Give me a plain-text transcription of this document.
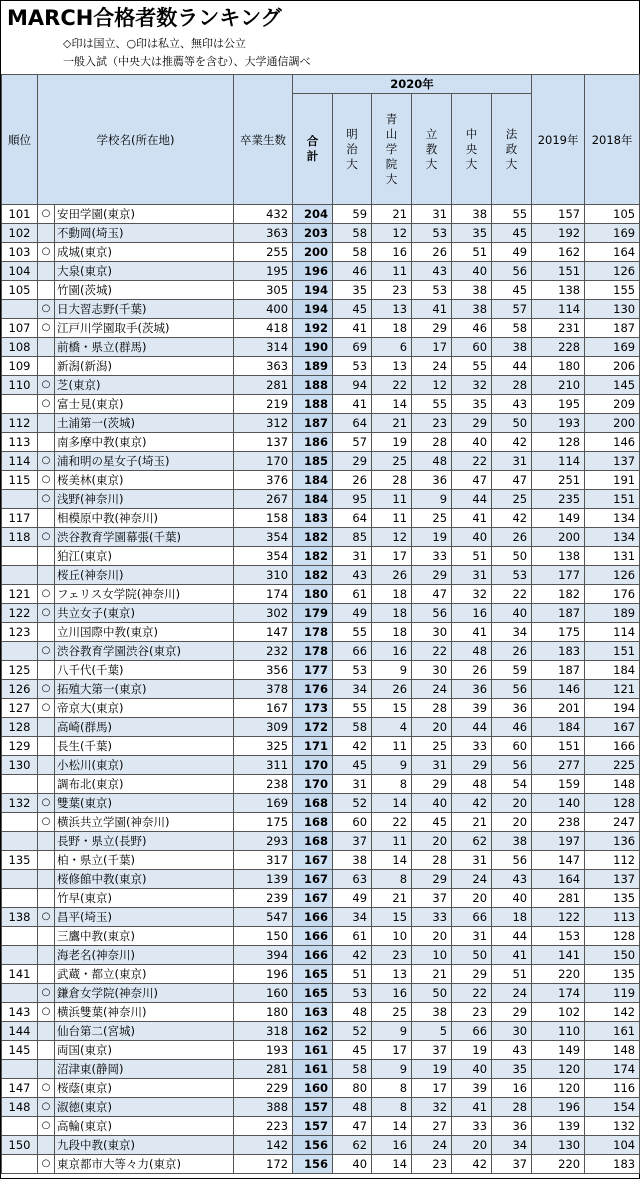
MARCH合格者数ランキング
◇印は国立、○印は私立、無印は公立
一般入試（中央大は推薦等を含む）、大学通信調べ
順位	学校名(所在地)		卒業生数	2020年						2019年	2018年

				合計	明治大	青山学院大	立教大	中央大	法政大		

101	○	安田学園(東京)	432	204	59	21	31	38	55	157	105
102		不動岡(埼玉)	363	203	58	12	53	35	45	192	169
103	○	成城(東京)	255	200	58	16	26	51	49	162	164
104		大泉(東京)	195	196	46	11	43	40	56	151	126
105		竹園(茨城)	305	194	35	23	53	38	45	138	155
	○	日大習志野(千葉)	400	194	45	13	41	38	57	114	130
107	○	江戸川学園取手(茨城)	418	192	41	18	29	46	58	231	187
108		前橋・県立(群馬)	314	190	69	6	17	60	38	228	169
109		新潟(新潟)	363	189	53	13	24	55	44	180	206
110	○	芝(東京)	281	188	94	22	12	32	28	210	145
	○	富士見(東京)	219	188	41	14	55	35	43	195	209
112		土浦第一(茨城)	312	187	64	21	23	29	50	193	200
113		南多摩中教(東京)	137	186	57	19	28	40	42	128	146
114	○	浦和明の星女子(埼玉)	170	185	29	25	48	22	31	114	137
115	○	桜美林(東京)	376	184	26	28	36	47	47	251	191
	○	浅野(神奈川)	267	184	95	11	9	44	25	235	151
117		相模原中教(神奈川)	158	183	64	11	25	41	42	149	134
118	○	渋谷教育学園幕張(千葉)	354	182	85	12	19	40	26	200	134
		狛江(東京)	354	182	31	17	33	51	50	138	131
		桜丘(神奈川)	310	182	43	26	29	31	53	177	126
121	○	フェリス女学院(神奈川)	174	180	61	18	47	32	22	182	176
122	○	共立女子(東京)	302	179	49	18	56	16	40	187	189
123		立川国際中教(東京)	147	178	55	18	30	41	34	175	114
	○	渋谷教育学園渋谷(東京)	232	178	66	16	22	48	26	183	151
125		八千代(千葉)	356	177	53	9	30	26	59	187	184
126	○	拓殖大第一(東京)	378	176	34	26	24	36	56	146	121
127	○	帝京大(東京)	167	173	55	15	28	39	36	201	194
128		高崎(群馬)	309	172	58	4	20	44	46	184	167
129		長生(千葉)	325	171	42	11	25	33	60	151	166
130		小松川(東京)	311	170	45	9	31	29	56	277	225
		調布北(東京)	238	170	31	8	29	48	54	159	148
132	○	雙葉(東京)	169	168	52	14	40	42	20	140	128
	○	横浜共立学園(神奈川)	175	168	60	22	45	21	20	238	247
		長野・県立(長野)	293	168	37	11	20	62	38	197	136
135		柏・県立(千葉)	317	167	38	14	28	31	56	147	112
		桜修館中教(東京)	139	167	63	8	29	24	43	164	137
		竹早(東京)	239	167	49	21	37	20	40	281	135
138	○	昌平(埼玉)	547	166	34	15	33	66	18	122	113
		三鷹中教(東京)	150	166	61	10	20	31	44	153	128
		海老名(神奈川)	394	166	42	23	10	50	41	141	150
141		武蔵・都立(東京)	196	165	51	13	21	29	51	220	135
	○	鎌倉女学院(神奈川)	160	165	53	16	50	22	24	174	119
143	○	横浜雙葉(神奈川)	180	163	48	25	38	23	29	102	142
144		仙台第二(宮城)	318	162	52	9	5	66	30	110	161
145		両国(東京)	193	161	45	17	37	19	43	149	148
		沼津東(静岡)	281	161	58	9	19	40	35	120	174
147	○	桜蔭(東京)	229	160	80	8	17	39	16	120	116
148	○	淑徳(東京)	388	157	48	8	32	41	28	196	154
	○	高輪(東京)	223	157	47	14	27	33	36	139	132
150		九段中教(東京)	142	156	62	16	24	20	34	130	104
	○	東京都市大等々力(東京)	172	156	40	14	23	42	37	220	183
